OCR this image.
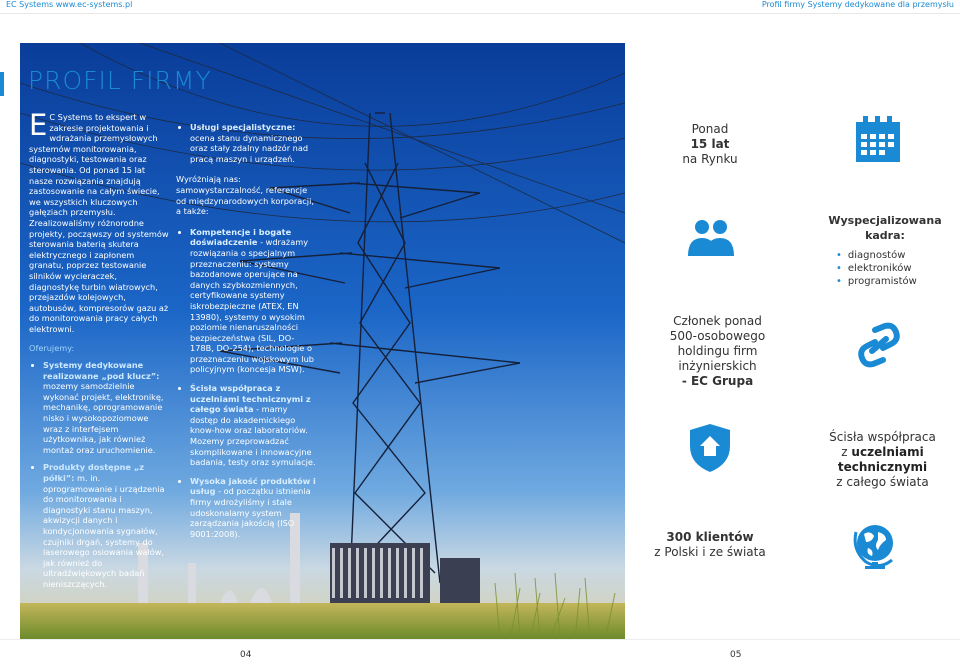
EC Systems www.ec-systems.pl	Profil firmy Systemy dedykowane dla przemysłu
PROFIL FIRMY
E C Systems to ekspert w zakresie projektowania i wdrażania przemysłowych systemów monitorowania, diagnostyki, testowania oraz sterowania. Od ponad 15 lat nasze rozwiązania znajdują zastosowanie na całym świecie, we wszystkich kluczowych gałęziach przemysłu. Zrealizowaliśmy różnorodne projekty, począwszy od systemów sterowania baterią skutera elektrycznego i zapłonem granatu, poprzez testowanie silników wycieraczek, diagnostykę turbin wiatrowych, przejazdów kolejowych, autobusów, kompresorów gazu aż do monitorowania pracy całych elektrowni.
Oferujemy:
• Systemy dedykowane realizowane „pod klucz”: mozemy samodzielnie wykonać projekt, elektronikę, mechanikę, oprogramowanie nisko i wysokopoziomowe wraz z interfejsem użytkownika, jak również montaż oraz uruchomienie.
• Produkty dostępne „z półki”: m. in. oprogramowanie i urządzenia do monitorowania i diagnostyki stanu maszyn, akwizycji danych i kondycjonowania sygnałów, czujniki drgań, systemy do laserowego osiowania wałów, jak również do ultradźwiękowych badań nieniszczących.
• Usługi specjalistyczne: ocena stanu dynamicznego oraz stały zdalny nadzór nad pracą maszyn i urządzeń.
Wyróżniają nas: samowystarczalność, referencje od międzynarodowych korporacji, a także:
• Kompetencje i bogate doświadczenie - wdrażamy rozwiązania o specjalnym przeznaczeniu: systemy bazodanowe operujące na danych szybkozmiennych, certyfikowane systemy iskrobezpieczne (ATEX, EN 13980), systemy o wysokim poziomie nienaruszalności bezpieczeństwa (SIL, DO-178B, DO-254), technologie o przeznaczeniu wojskowym lub policyjnym (koncesja MSW).
• Ścisła współpraca z uczelniami technicznymi z całego świata - mamy dostęp do akademickiego know-how oraz laboratoriów. Mozemy przeprowadzać skomplikowane i innowacyjne badania, testy oraz symulacje.
• Wysoka jakość produktów i usług - od początku istnienia firmy wdrożyliśmy i stale udoskonalamy system zarządzania jakością (ISO 9001:2008).
Ponad
15 lat
na Rynku
Wyspecjalizowana kadra:
• diagnostów
• elektroników
• programistów
Członek ponad
500-osobowego
holdingu firm
inżynierskich
- EC Grupa
Ścisła współpraca
z uczelniami technicznymi
z całego świata
300 klientów
z Polski i ze świata
04	05
